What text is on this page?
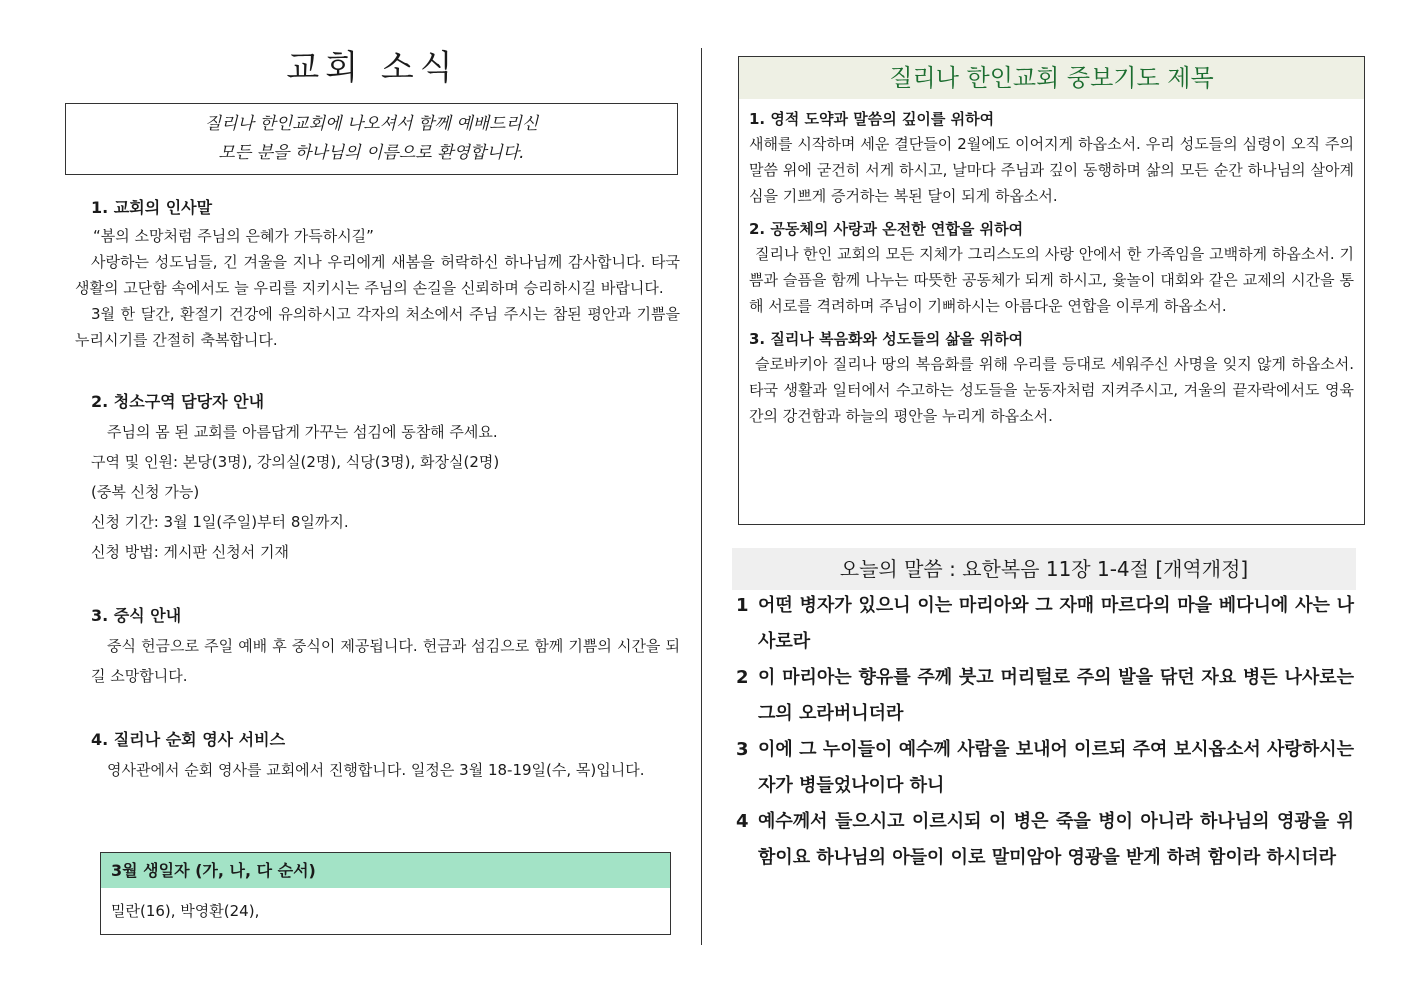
교회 소식
질리나 한인교회에 나오셔서 함께 예배드리신
모든 분을 하나님의 이름으로 환영합니다.
1. 교회의 인사말

“봄의 소망처럼 주님의 은혜가 가득하시길”

사랑하는 성도님들, 긴 겨울을 지나 우리에게 새봄을 허락하신 하나님께 감사합니다. 타국 생활의 고단함 속에서도 늘 우리를 지키시는 주님의 손길을 신뢰하며 승리하시길 바랍니다.

3월 한 달간, 환절기 건강에 유의하시고 각자의 처소에서 주님 주시는 참된 평안과 기쁨을 누리시기를 간절히 축복합니다.

2. 청소구역 담당자 안내

주님의 몸 된 교회를 아름답게 가꾸는 섬김에 동참해 주세요.

구역 및 인원: 본당(3명), 강의실(2명), 식당(3명), 화장실(2명)

(중복 신청 가능)

신청 기간: 3월 1일(주일)부터 8일까지.

신청 방법: 게시판 신청서 기재

3. 중식 안내

중식 헌금으로 주일 예배 후 중식이 제공됩니다. 헌금과 섬김으로 함께 기쁨의 시간을 되길 소망합니다.

4. 질리나 순회 영사 서비스

영사관에서 순회 영사를 교회에서 진행합니다. 일정은 3월 18-19일(수, 목)입니다.

3월 생일자 (가, 나, 다 순서)
밀란(16), 박영환(24),
질리나 한인교회 중보기도 제목
1. 영적 도약과 말씀의 깊이를 위하여
새해를 시작하며 세운 결단들이 2월에도 이어지게 하옵소서. 우리 성도들의 심령이 오직 주의 말씀 위에 굳건히 서게 하시고, 날마다 주님과 깊이 동행하며 삶의 모든 순간 하나님의 살아계심을 기쁘게 증거하는 복된 달이 되게 하옵소서.
2. 공동체의 사랑과 온전한 연합을 위하여
질리나 한인 교회의 모든 지체가 그리스도의 사랑 안에서 한 가족임을 고백하게 하옵소서. 기쁨과 슬픔을 함께 나누는 따뜻한 공동체가 되게 하시고, 윷놀이 대회와 같은 교제의 시간을 통해 서로를 격려하며 주님이 기뻐하시는 아름다운 연합을 이루게 하옵소서.
3. 질리나 복음화와 성도들의 삶을 위하여
슬로바키아 질리나 땅의 복음화를 위해 우리를 등대로 세워주신 사명을 잊지 않게 하옵소서. 타국 생활과 일터에서 수고하는 성도들을 눈동자처럼 지켜주시고, 겨울의 끝자락에서도 영육 간의 강건함과 하늘의 평안을 누리게 하옵소서.
오늘의 말씀 : 요한복음 11장 1-4절 [개역개정]
1 어떤 병자가 있으니 이는 마리아와 그 자매 마르다의 마을 베다니에 사는 나사로라
2 이 마리아는 향유를 주께 붓고 머리털로 주의 발을 닦던 자요 병든 나사로는 그의 오라버니더라
3 이에 그 누이들이 예수께 사람을 보내어 이르되 주여 보시옵소서 사랑하시는 자가 병들었나이다 하니
4 예수께서 들으시고 이르시되 이 병은 죽을 병이 아니라 하나님의 영광을 위함이요 하나님의 아들이 이로 말미암아 영광을 받게 하려 함이라 하시더라
